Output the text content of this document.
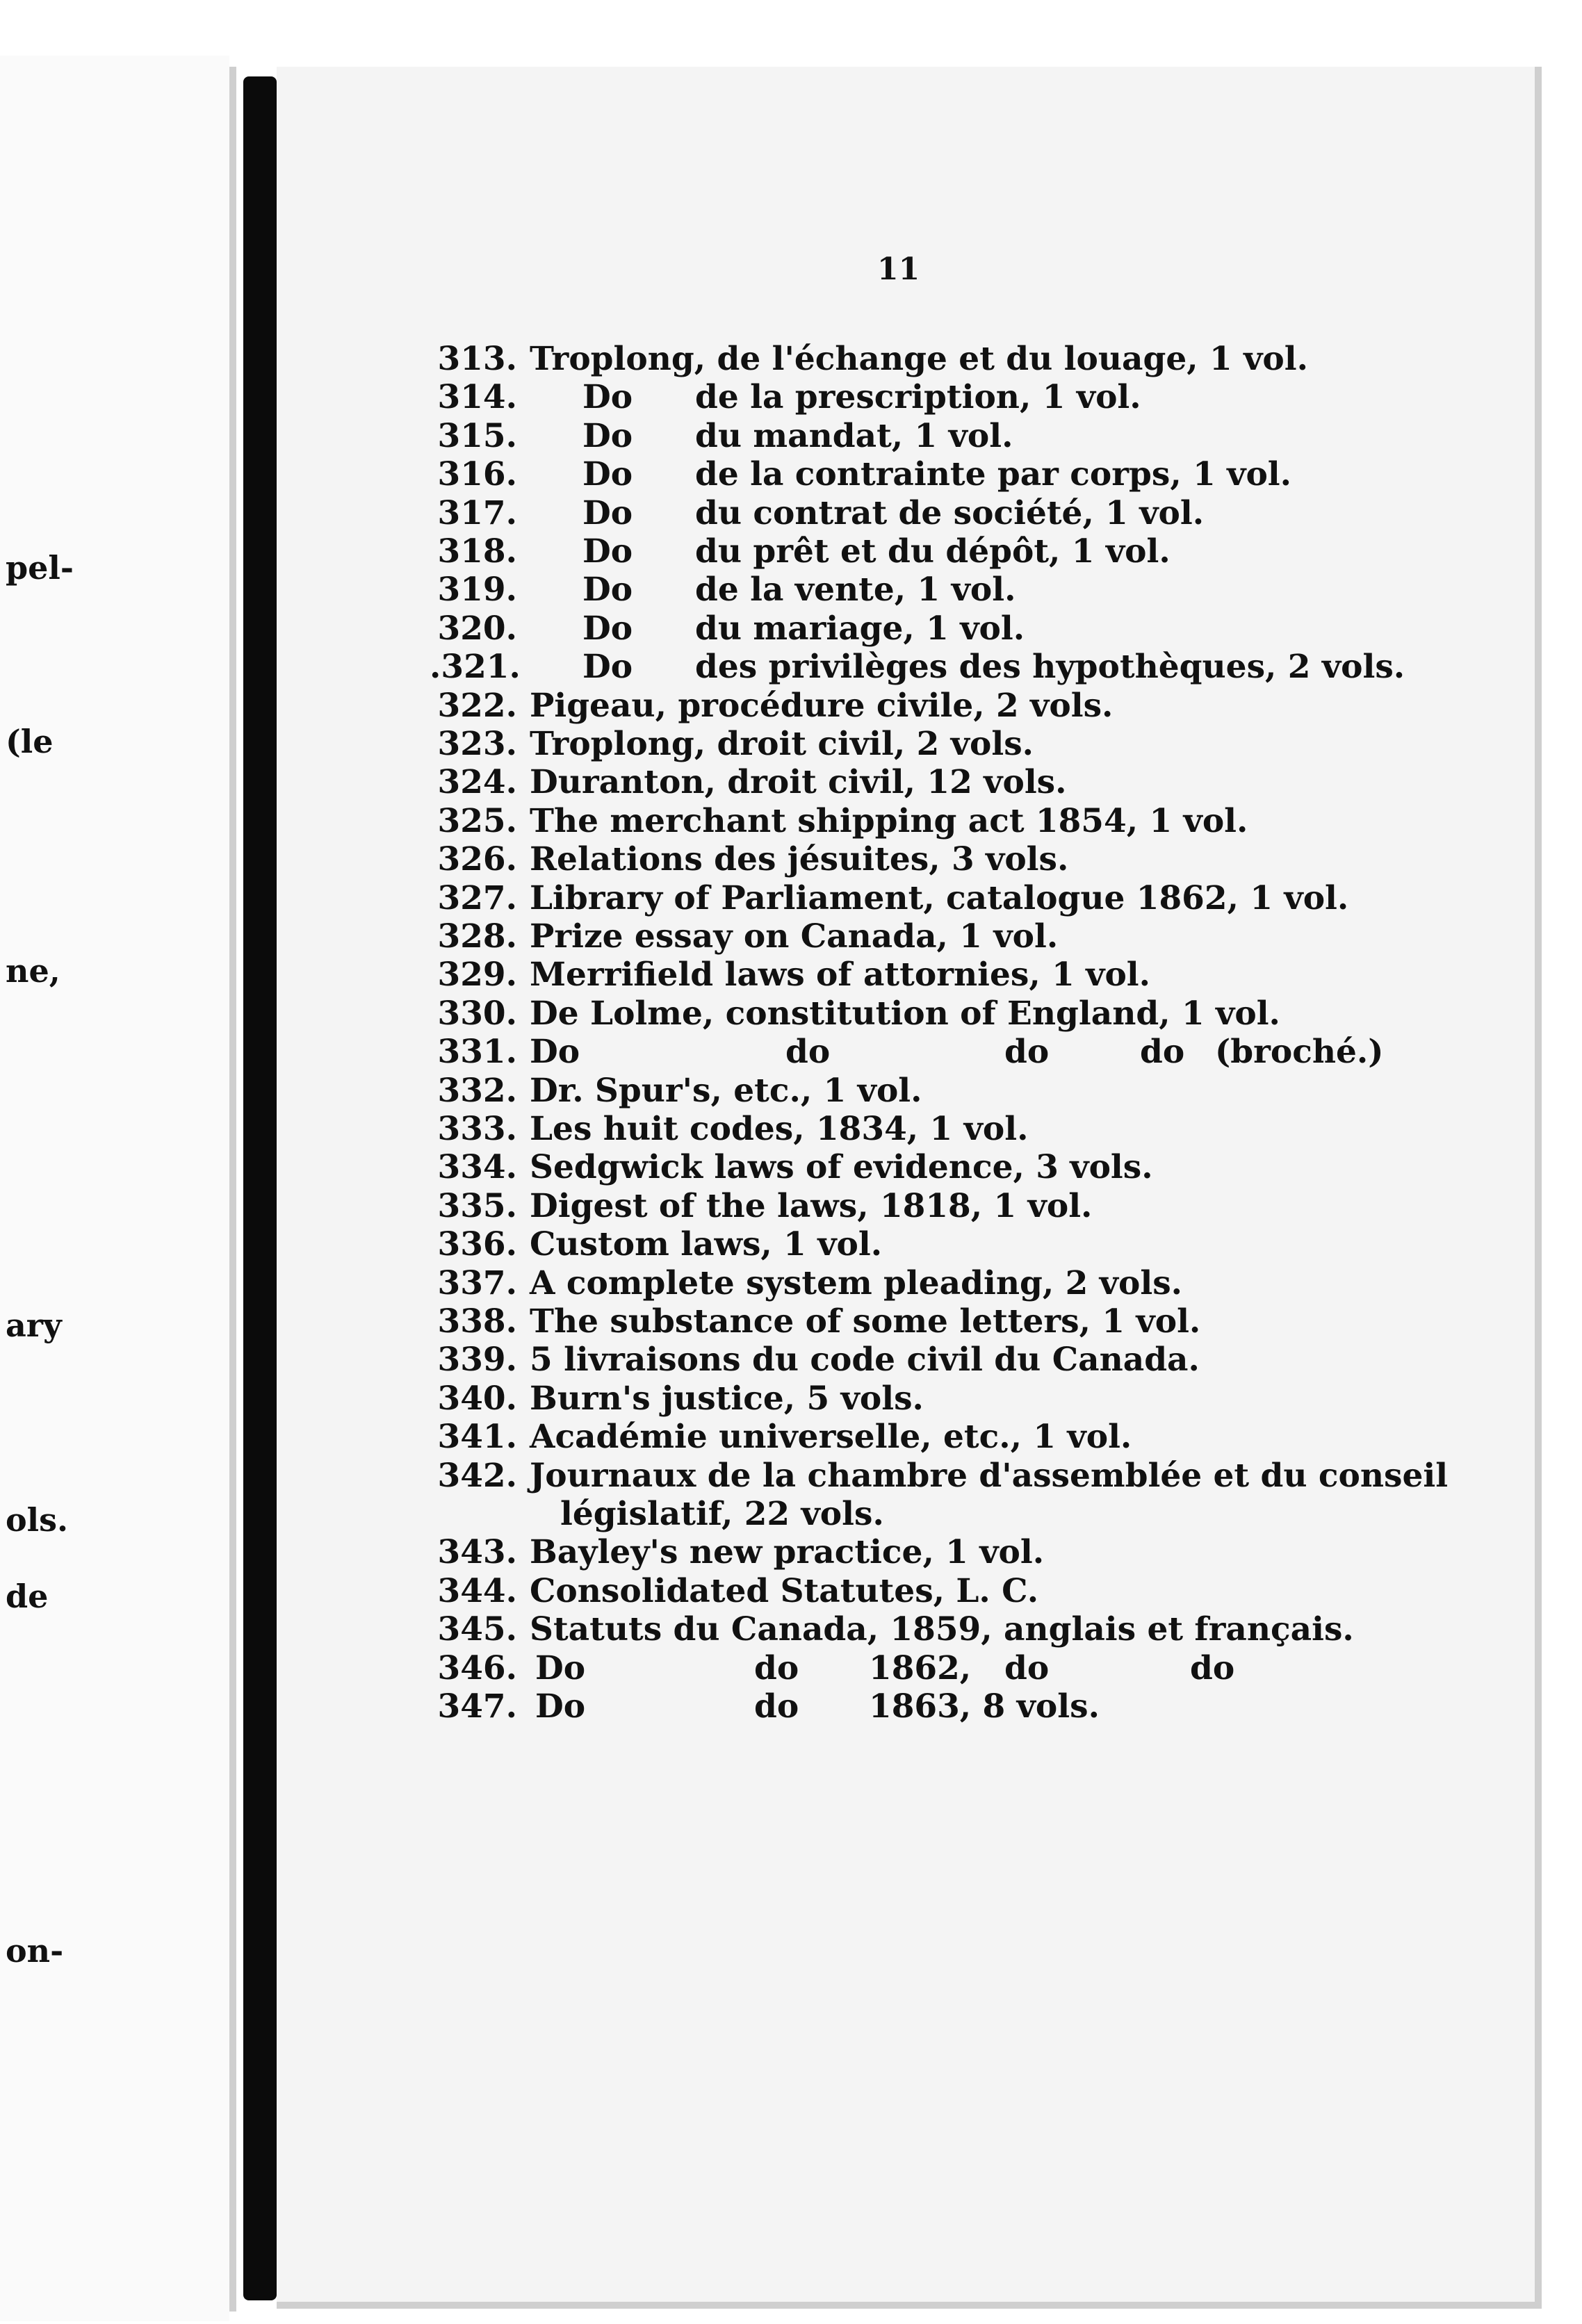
pel-
(le
ne,
ary
ols.
de
on-
11
313. Troplong, de l'échange et du louage, 1 vol.
314. Do de la prescription, 1 vol.
315. Do du mandat, 1 vol.
316. Do de la contrainte par corps, 1 vol.
317. Do du contrat de société, 1 vol.
318. Do du prêt et du dépôt, 1 vol.
319. Do de la vente, 1 vol.
320. Do du mariage, 1 vol.
.321. Do des privilèges des hypothèques, 2 vols.
322. Pigeau, procédure civile, 2 vols.
323. Troplong, droit civil, 2 vols.
324. Duranton, droit civil, 12 vols.
325. The merchant shipping act 1854, 1 vol.
326. Relations des jésuites, 3 vols.
327. Library of Parliament, catalogue 1862, 1 vol.
328. Prize essay on Canada, 1 vol.
329. Merrifield laws of attornies, 1 vol.
330. De Lolme, constitution of England, 1 vol.
331. Do	do	do	do (broché.)
332. Dr. Spur's, etc., 1 vol.
333. Les huit codes, 1834, 1 vol.
334. Sedgwick laws of evidence, 3 vols.
335. Digest of the laws, 1818, 1 vol.
336. Custom laws, 1 vol.
337. A complete system pleading, 2 vols.
338. The substance of some letters, 1 vol.
339. 5 livraisons du code civil du Canada.
340. Burn's justice, 5 vols.
341. Académie universelle, etc., 1 vol.
342. Journaux de la chambre d'assemblée et du conseil
législatif, 22 vols.
343. Bayley's new practice, 1 vol.
344. Consolidated Statutes, L. C.
345. Statuts du Canada, 1859, anglais et français.
346. Do	do 1862, do	do
347. Do	do 1863, 8 vols.
